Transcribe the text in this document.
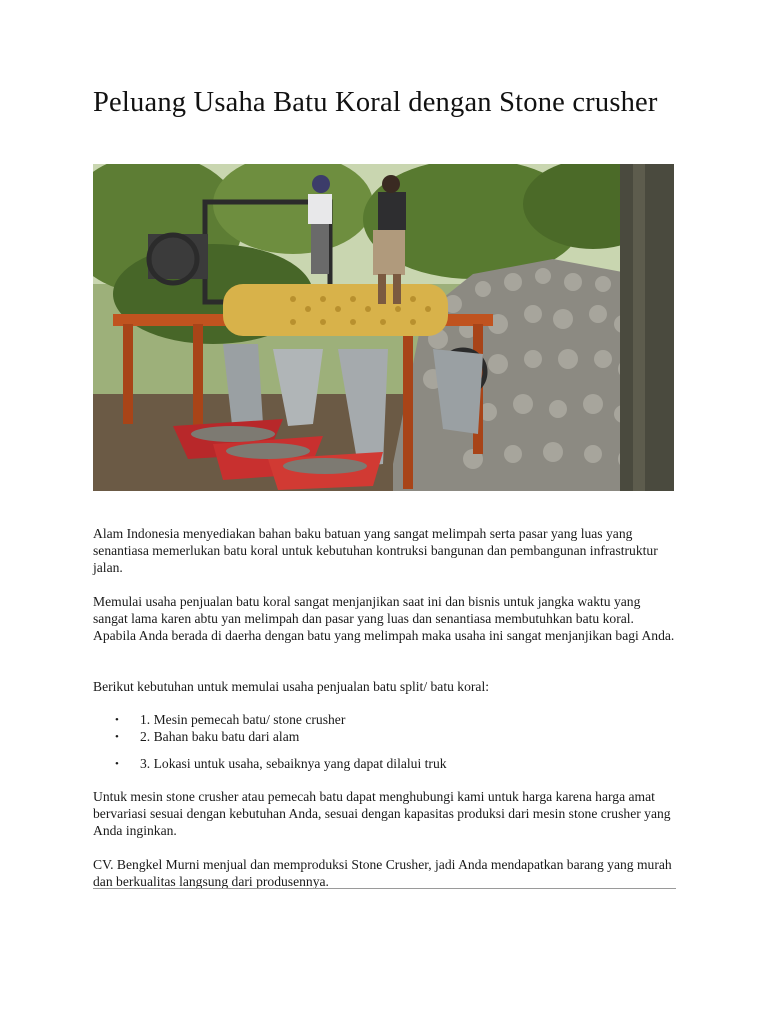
Peluang Usaha Batu Koral dengan Stone crusher
Alam Indonesia menyediakan bahan baku batuan yang sangat melimpah serta pasar yang luas yang senantiasa memerlukan batu koral untuk kebutuhan kontruksi bangunan dan pembangunan infrastruktur jalan.
Memulai usaha penjualan batu koral sangat menjanjikan saat ini dan bisnis untuk jangka waktu yang sangat lama karen abtu yan melimpah dan pasar yang luas dan senantiasa membutuhkan batu koral. Apabila Anda berada di daerha dengan batu yang melimpah maka usaha ini sangat menjanjikan bagi Anda.
Berikut kebutuhan untuk memulai usaha penjualan batu split/ batu koral:
• 1. Mesin pemecah batu/ stone crusher
• 2. Bahan baku batu dari alam
• 3. Lokasi untuk usaha, sebaiknya yang dapat dilalui truk
Untuk mesin stone crusher atau pemecah batu dapat menghubungi kami untuk harga karena harga amat bervariasi sesuai dengan kebutuhan Anda, sesuai dengan kapasitas produksi dari mesin stone crusher yang Anda inginkan.
CV. Bengkel Murni menjual dan memproduksi Stone Crusher, jadi Anda mendapatkan barang yang murah dan berkualitas langsung dari produsennya.
